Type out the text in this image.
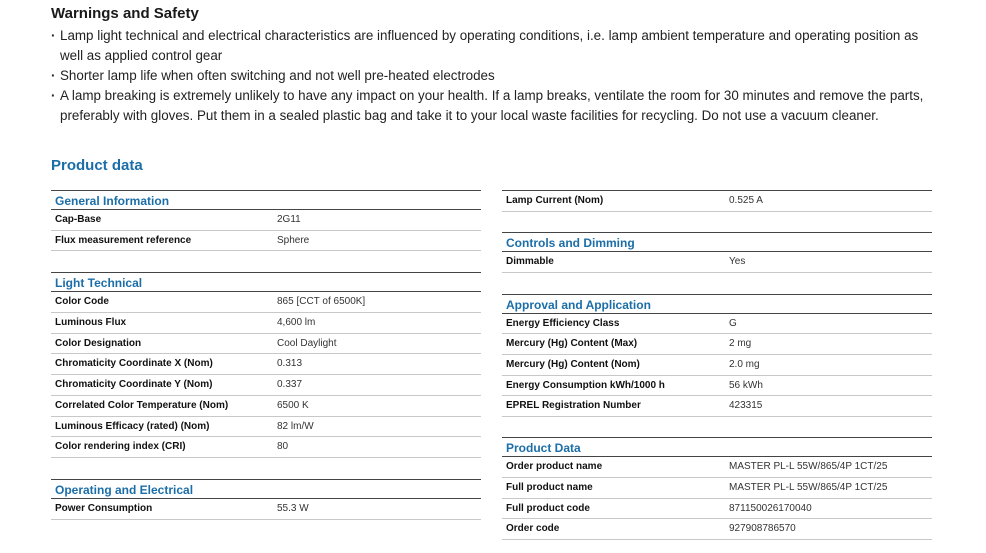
Warnings and Safety
· Lamp light technical and electrical characteristics are influenced by operating conditions, i.e. lamp ambient temperature and operating position as well as applied control gear
· Shorter lamp life when often switching and not well pre-heated electrodes
· A lamp breaking is extremely unlikely to have any impact on your health. If a lamp breaks, ventilate the room for 30 minutes and remove the parts, preferably with gloves. Put them in a sealed plastic bag and take it to your local waste facilities for recycling. Do not use a vacuum cleaner.
Product data
General Information
Cap-Base	2G11
Flux measurement reference	Sphere
Light Technical
Color Code	865 [CCT of 6500K]
Luminous Flux	4,600 lm
Color Designation	Cool Daylight
Chromaticity Coordinate X (Nom)	0.313
Chromaticity Coordinate Y (Nom)	0.337
Correlated Color Temperature (Nom)	6500 K
Luminous Efficacy (rated) (Nom)	82 lm/W
Color rendering index (CRI)	80
Operating and Electrical
Power Consumption	55.3 W
Lamp Current (Nom)	0.525 A
Controls and Dimming
Dimmable	Yes
Approval and Application
Energy Efficiency Class	G
Mercury (Hg) Content (Max)	2 mg
Mercury (Hg) Content (Nom)	2.0 mg
Energy Consumption kWh/1000 h	56 kWh
EPREL Registration Number	423315
Product Data
Order product name	MASTER PL-L 55W/865/4P 1CT/25
Full product name	MASTER PL-L 55W/865/4P 1CT/25
Full product code	871150026170040
Order code	927908786570
